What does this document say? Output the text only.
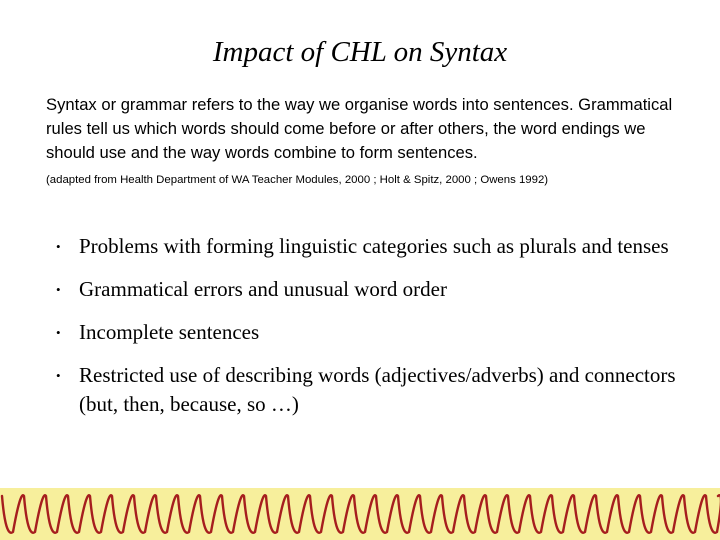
Impact of CHL on Syntax

Syntax or grammar refers to the way we organise words into sentences. Grammatical rules tell us which words should come before or after others, the word endings we should use and the way words combine to form sentences.

(adapted from Health Department of WA Teacher Modules, 2000 ; Holt & Spitz, 2000 ; Owens 1992)

• Problems with forming linguistic categories such as plurals and tenses
• Grammatical errors and unusual word order
• Incomplete sentences
• Restricted use of describing words (adjectives/adverbs) and connectors (but, then, because, so …)
